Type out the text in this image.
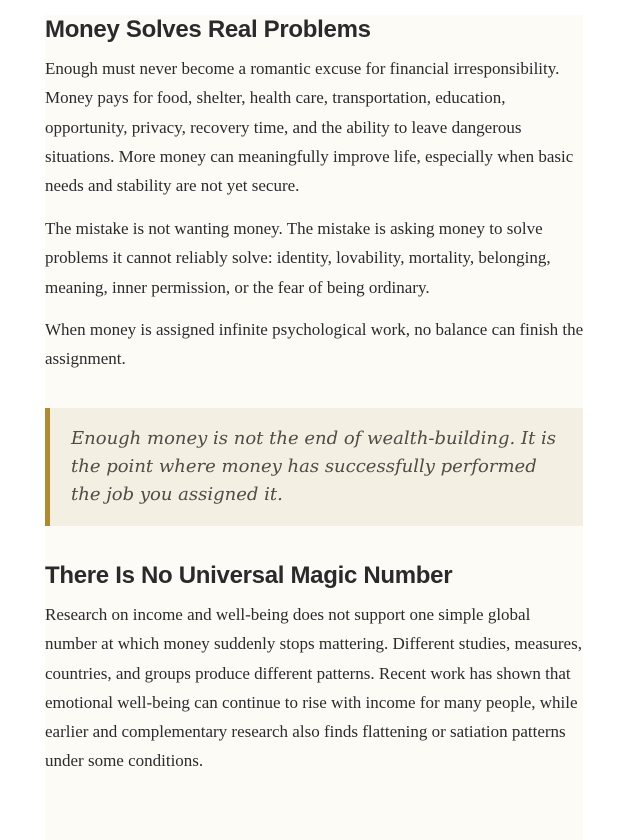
Money Solves Real Problems

Enough must never become a romantic excuse for financial irresponsibility. Money pays for food, shelter, health care, transportation, education, opportunity, privacy, recovery time, and the ability to leave dangerous situations. More money can meaningfully improve life, especially when basic needs and stability are not yet secure.

The mistake is not wanting money. The mistake is asking money to solve problems it cannot reliably solve: identity, lovability, mortality, belonging, meaning, inner permission, or the fear of being ordinary.

When money is assigned infinite psychological work, no balance can finish the assignment.

Enough money is not the end of wealth-building. It is the point where money has successfully performed the job you assigned it.

There Is No Universal Magic Number

Research on income and well-being does not support one simple global number at which money suddenly stops mattering. Different studies, measures, countries, and groups produce different patterns. Recent work has shown that emotional well-being can continue to rise with income for many people, while earlier and complementary research also finds flattening or satiation patterns under some conditions.
